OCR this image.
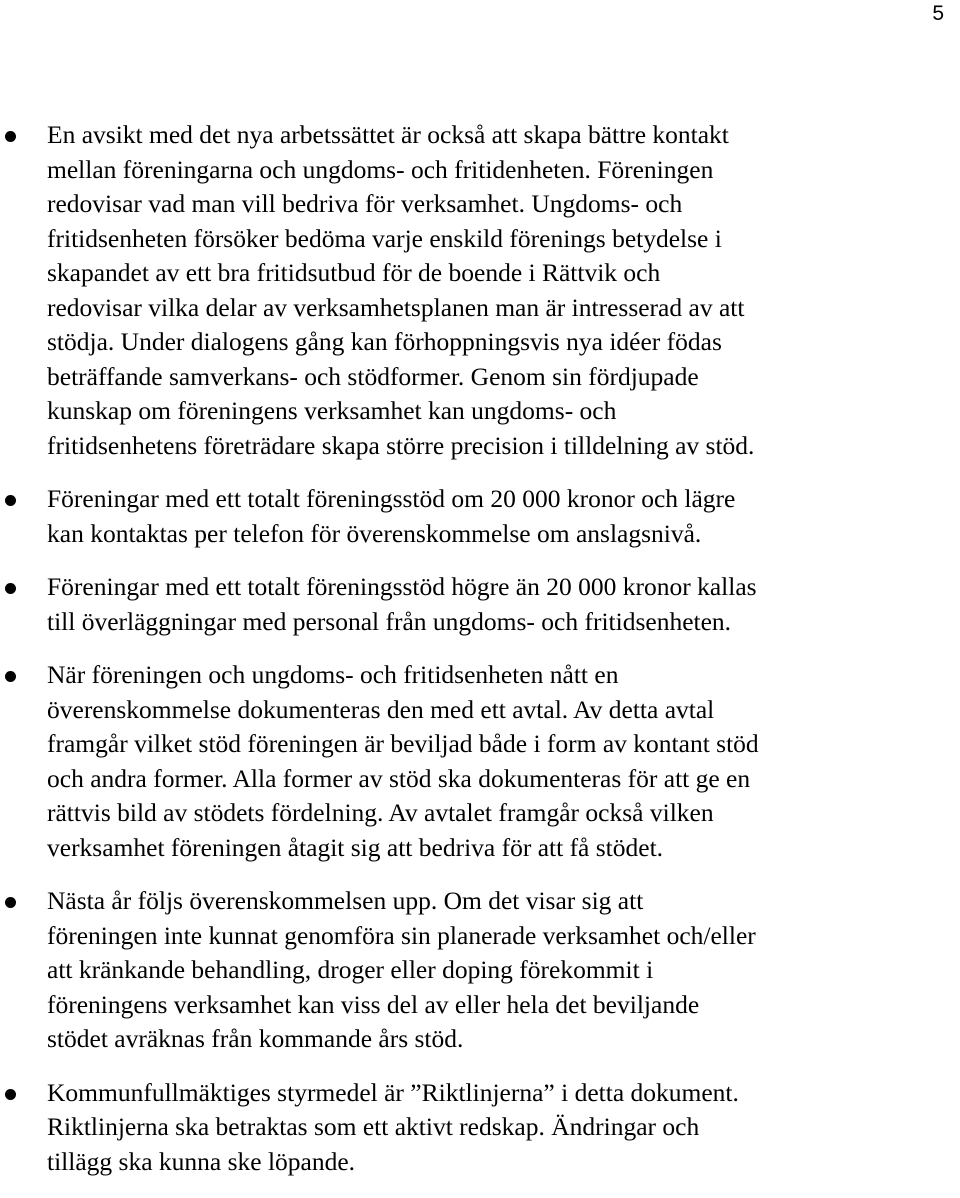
5
En avsikt med det nya arbetssättet är också att skapa bättre kontakt
mellan föreningarna och ungdoms- och fritidenheten. Föreningen
redovisar vad man vill bedriva för verksamhet. Ungdoms- och
fritidsenheten försöker bedöma varje enskild förenings betydelse i
skapandet av ett bra fritidsutbud för de boende i Rättvik och
redovisar vilka delar av verksamhetsplanen man är intresserad av att
stödja. Under dialogens gång kan förhoppningsvis nya idéer födas
beträffande samverkans- och stödformer. Genom sin fördjupade
kunskap om föreningens verksamhet kan ungdoms- och
fritidsenhetens företrädare skapa större precision i tilldelning av stöd.
Föreningar med ett totalt föreningsstöd om 20 000 kronor och lägre
kan kontaktas per telefon för överenskommelse om anslagsnivå.
Föreningar med ett totalt föreningsstöd högre än 20 000 kronor kallas
till överläggningar med personal från ungdoms- och fritidsenheten.
När föreningen och ungdoms- och fritidsenheten nått en
överenskommelse dokumenteras den med ett avtal. Av detta avtal
framgår vilket stöd föreningen är beviljad både i form av kontant stöd
och andra former. Alla former av stöd ska dokumenteras för att ge en
rättvis bild av stödets fördelning. Av avtalet framgår också vilken
verksamhet föreningen åtagit sig att bedriva för att få stödet.
Nästa år följs överenskommelsen upp. Om det visar sig att
föreningen inte kunnat genomföra sin planerade verksamhet och/eller
att kränkande behandling, droger eller doping förekommit i
föreningens verksamhet kan viss del av eller hela det beviljande
stödet avräknas från kommande års stöd.
Kommunfullmäktiges styrmedel är ”Riktlinjerna” i detta dokument.
Riktlinjerna ska betraktas som ett aktivt redskap. Ändringar och
tillägg ska kunna ske löpande.
